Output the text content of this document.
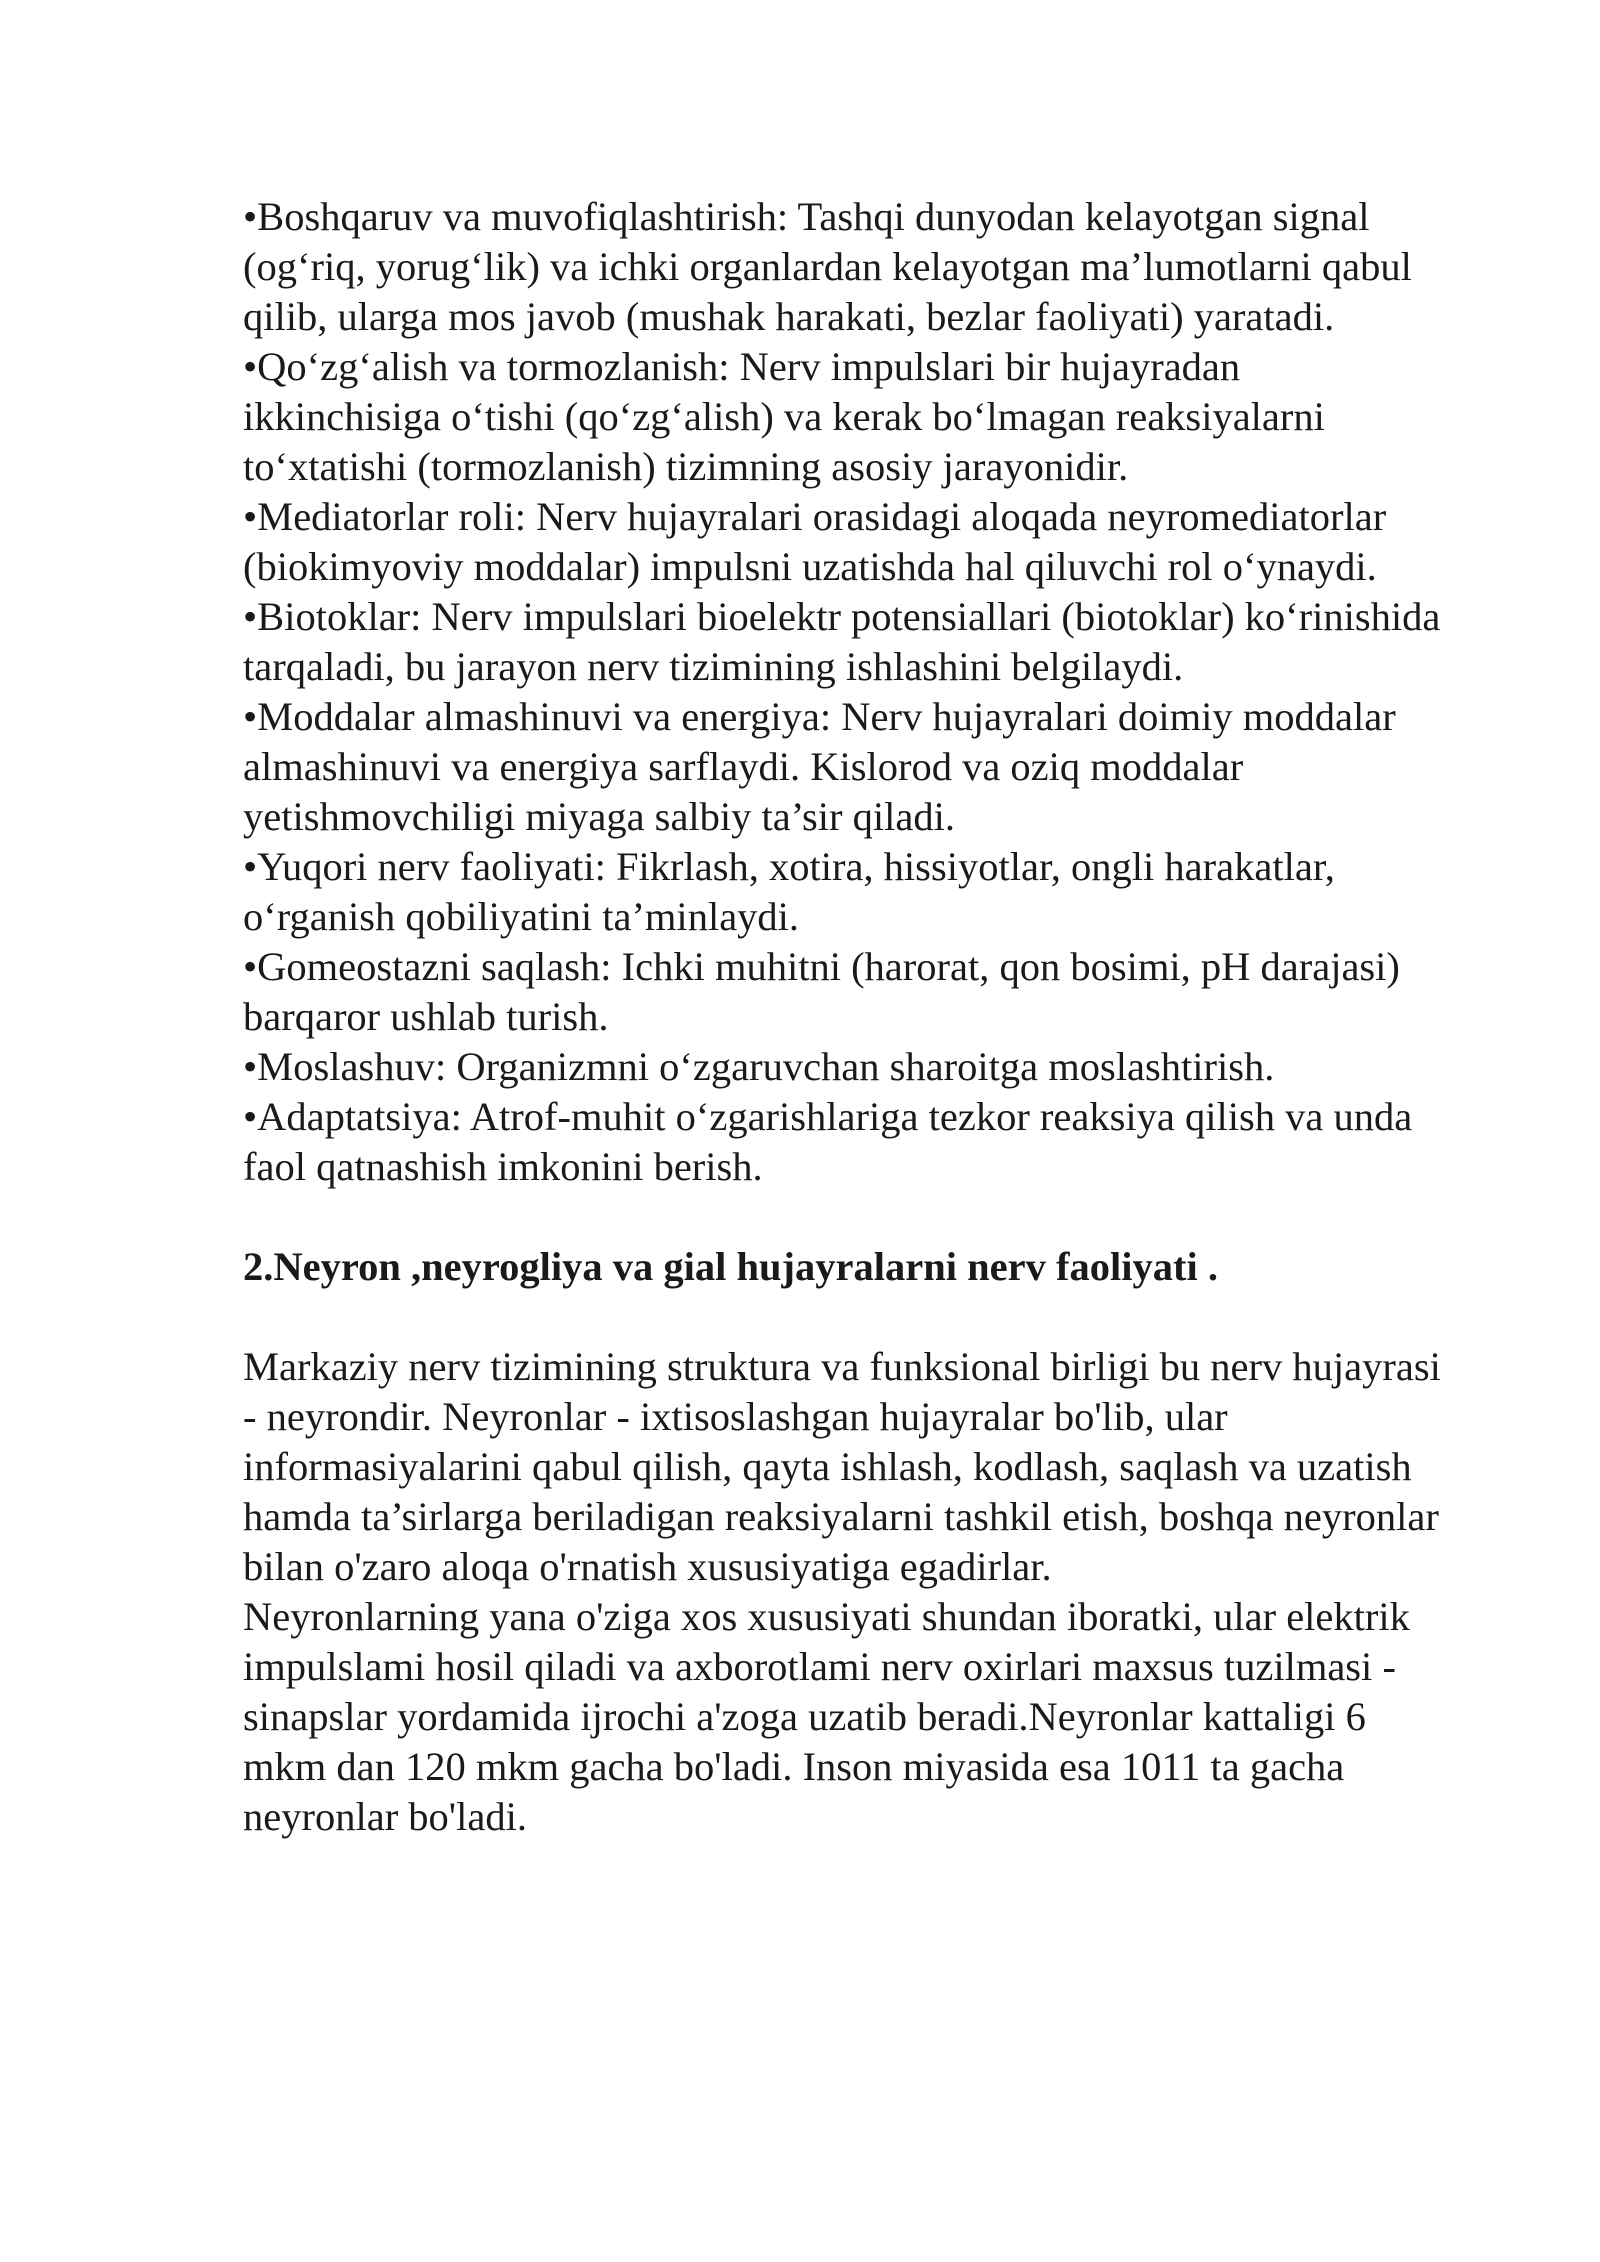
•Boshqaruv va muvofiqlashtirish: Tashqi dunyodan kelayotgan signal (og‘riq, yorug‘lik) va ichki organlardan kelayotgan ma’lumotlarni qabul qilib, ularga mos javob (mushak harakati, bezlar faoliyati) yaratadi.

•Qo‘zg‘alish va tormozlanish: Nerv impulslari bir hujayradan ikkinchisiga o‘tishi (qo‘zg‘alish) va kerak bo‘lmagan reaksiyalarni to‘xtatishi (tormozlanish) tizimning asosiy jarayonidir.

•Mediatorlar roli: Nerv hujayralari orasidagi aloqada neyromediatorlar (biokimyoviy moddalar) impulsni uzatishda hal qiluvchi rol o‘ynaydi.

•Biotoklar: Nerv impulslari bioelektr potensiallari (biotoklar) ko‘rinishida tarqaladi, bu jarayon nerv tizimining ishlashini belgilaydi.

•Moddalar almashinuvi va energiya: Nerv hujayralari doimiy moddalar almashinuvi va energiya sarflaydi. Kislorod va oziq moddalar yetishmovchiligi miyaga salbiy ta’sir qiladi.

•Yuqori nerv faoliyati: Fikrlash, xotira, hissiyotlar, ongli harakatlar, o‘rganish qobiliyatini ta’minlaydi.

•Gomeostazni saqlash: Ichki muhitni (harorat, qon bosimi, pH darajasi) barqaror ushlab turish.

•Moslashuv: Organizmni o‘zgaruvchan sharoitga moslashtirish.

•Adaptatsiya: Atrof-muhit o‘zgarishlariga tezkor reaksiya qilish va unda faol qatnashish imkonini berish.

2.Neyron ,neyrogliya va gial hujayralarni nerv faoliyati .

Markaziy nerv tizimining struktura va funksional birligi bu nerv hujayrasi - neyrondir. Neyronlar - ixtisoslashgan hujayralar bo'lib, ular informasiyalarini qabul qilish, qayta ishlash, kodlash, saqlash va uzatish hamda ta’sirlarga beriladigan reaksiyalarni tashkil etish, boshqa neyronlar bilan o'zaro aloqa o'rnatish xususiyatiga egadirlar.

Neyronlarning yana o'ziga xos xususiyati shundan iboratki, ular elektrik impulslami hosil qiladi va axborotlami nerv oxirlari maxsus tuzilmasi - sinapslar yordamida ijrochi a'zoga uzatib beradi.Neyronlar kattaligi 6 mkm dan 120 mkm gacha bo'ladi. Inson miyasida esa 1011 ta gacha neyronlar bo'ladi.
